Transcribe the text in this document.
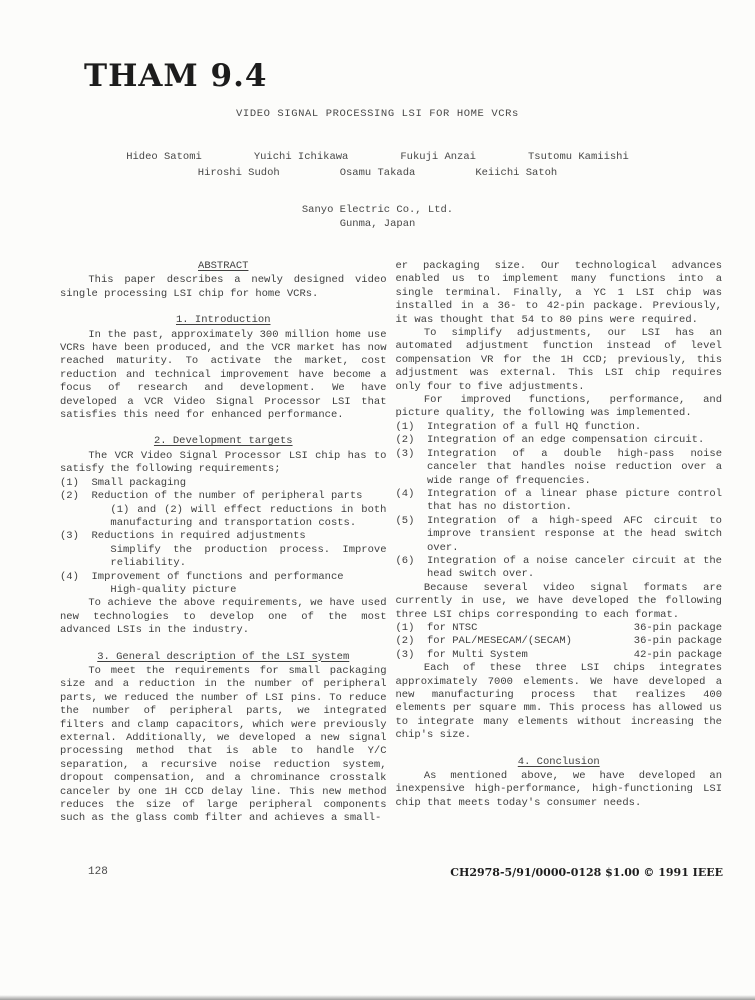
THAM 9.4
VIDEO SIGNAL PROCESSING LSI FOR HOME VCRs
Hideo Satomi	Yuichi Ichikawa	Fukuji Anzai	Tsutomu Kamiishi
Hiroshi Sudoh	Osamu Takada	Keiichi Satoh
Sanyo Electric Co., Ltd.
Gunma, Japan
ABSTRACT

This paper describes a newly designed video single processing LSI chip for home VCRs.

1. Introduction

In the past, approximately 300 million home use VCRs have been produced, and the VCR market has now reached maturity. To activate the market, cost reduction and technical improvement have become a focus of research and development. We have developed a VCR Video Signal Processor LSI that satisfies this need for enhanced performance.

2. Development targets

The VCR Video Signal Processor LSI chip has to satisfy the following requirements;

(1)	Small packaging
(2)	Reduction of the number of peripheral parts
(1) and (2) will effect reductions in both manufacturing and transportation costs.
(3)	Reductions in required adjustments
Simplify the production process. Improve reliability.
(4)	Improvement of functions and performance
High-quality picture

To achieve the above requirements, we have used new technologies to develop one of the most advanced LSIs in the industry.

3. General description of the LSI system

To meet the requirements for small packaging size and a reduction in the number of peripheral parts, we reduced the number of LSI pins. To reduce the number of peripheral parts, we integrated filters and clamp capacitors, which were previously external. Additionally, we developed a new signal processing method that is able to handle Y/C separation, a recursive noise reduction system, dropout compensation, and a chrominance crosstalk canceler by one 1H CCD delay line. This new method reduces the size of large peripheral components such as the glass comb filter and achieves a small-

er packaging size. Our technological advances enabled us to implement many functions into a single terminal. Finally, a YC 1 LSI chip was installed in a 36- to 42-pin package. Previously, it was thought that 54 to 80 pins were required.

To simplify adjustments, our LSI has an automated adjustment function instead of level compensation VR for the 1H CCD; previously, this adjustment was external. This LSI chip requires only four to five adjustments.

For improved functions, performance, and picture quality, the following was implemented.

(1)	Integration of a full HQ function.
(2)	Integration of an edge compensation circuit.
(3)	Integration of a double high-pass noise canceler that handles noise reduction over a wide range of frequencies.
(4)	Integration of a linear phase picture control that has no distortion.
(5)	Integration of a high-speed AFC circuit to improve transient response at the head switch over.
(6)	Integration of a noise canceler circuit at the head switch over.

Because several video signal formats are currently in use, we have developed the following three LSI chips corresponding to each format.

(1)	for NTSC	36-pin package
(2)	for PAL/MESECAM/(SECAM)	36-pin package
(3)	for Multi System	42-pin package

Each of these three LSI chips integrates approximately 7000 elements. We have developed a new manufacturing process that realizes 400 elements per square mm. This process has allowed us to integrate many elements without increasing the chip's size.

4. Conclusion

As mentioned above, we have developed an inexpensive high-performance, high-functioning LSI chip that meets today's consumer needs.

128	CH2978-5/91/0000-0128 $1.00 © 1991 IEEE
